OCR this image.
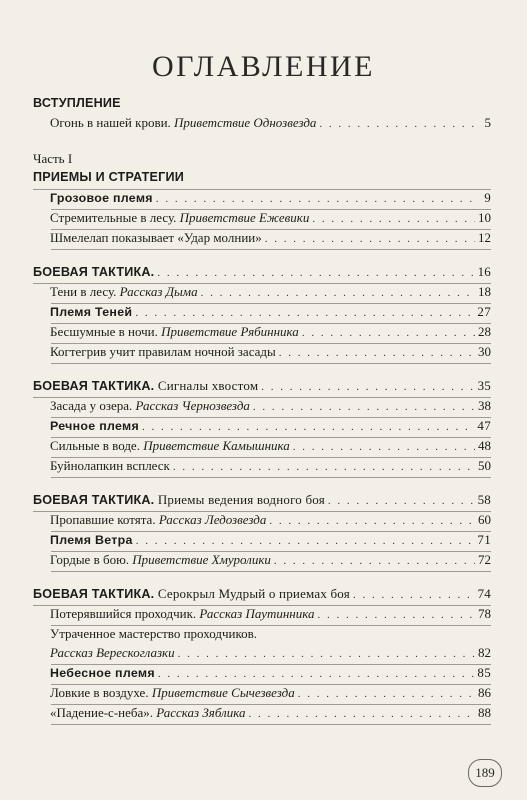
ОГЛАВЛЕНИЕ
ВСТУПЛЕНИЕ
Огонь в нашей крови. Приветствие Однозвезда . . .	5
Часть I
ПРИЕМЫ И СТРАТЕГИИ
Грозовое племя . . .	9
Стремительные в лесу. Приветствие Ежевики . . .	10
Шмелелап показывает «Удар молнии» . . .	12
БОЕВАЯ ТАКТИКА. . . .	16
Тени в лесу. Рассказ Дыма . . .	18
Племя Теней . . .	27
Бесшумные в ночи. Приветствие Рябинника . . .	28
Когтегрив учит правилам ночной засады . . .	30
БОЕВАЯ ТАКТИКА. Сигналы хвостом . . .	35
Засада у озера. Рассказ Чернозвезда . . .	38
Речное племя . . .	47
Сильные в воде. Приветствие Камышника . . .	48
Буйнолапкин всплеск . . .	50
БОЕВАЯ ТАКТИКА. Приемы ведения водного боя . . .	58
Пропавшие котята. Рассказ Ледозвезда . . .	60
Племя Ветра . . .	71
Гордые в бою. Приветствие Хмуролики . . .	72
БОЕВАЯ ТАКТИКА. Серокрыл Мудрый о приемах боя . . .	74
Потерявшийся проходчик. Рассказ Паутинника . . .	78
Утраченное мастерство проходчиков.
Рассказ Верескоглазки . . .	82
Небесное племя . . .	85
Ловкие в воздухе. Приветствие Сычезвезда . . .	86
«Падение-с-неба». Рассказ Зяблика . . .	88
189
